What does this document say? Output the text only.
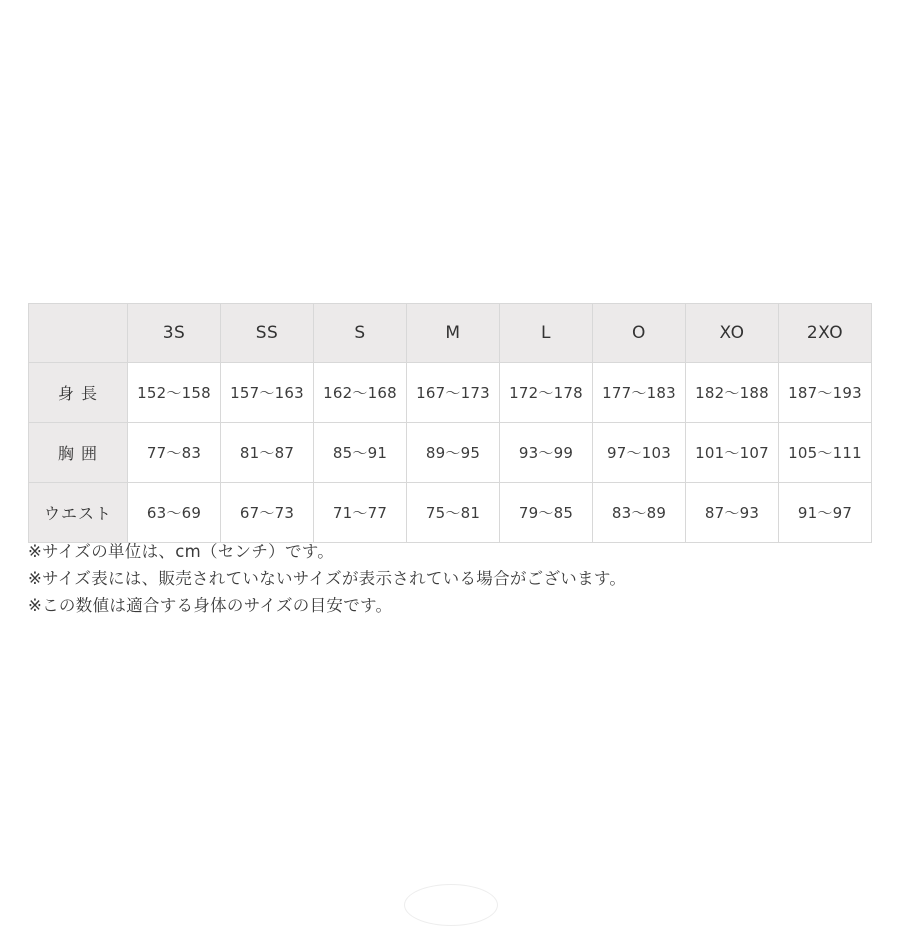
	3S	SS	S	M	L	O	XO	2XO
身 長	152〜158	157〜163	162〜168	167〜173	172〜178	177〜183	182〜188	187〜193
胸 囲	77〜83	81〜87	85〜91	89〜95	93〜99	97〜103	101〜107	105〜111
ウエスト	63〜69	67〜73	71〜77	75〜81	79〜85	83〜89	87〜93	91〜97
※サイズの単位は、cm（センチ）です。
※サイズ表には、販売されていないサイズが表示されている場合がございます。
※この数値は適合する身体のサイズの目安です。
